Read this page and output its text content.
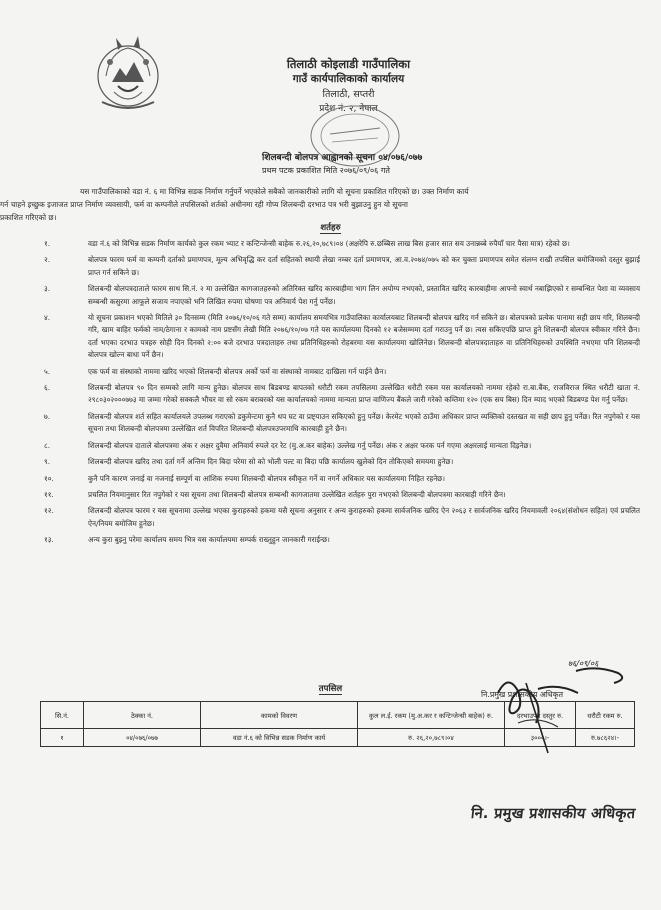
तिलाठी कोइलाडी गाउँपालिका
गाउँ कार्यपालिकाको कार्यालय
तिलाठी, सप्तरी
प्रदेश नं. २, नेपाल
शिलबन्दी बोलपत्र आह्वानको सूचना ०४/०७६/०७७
प्रथम पटक प्रकाशित मिति २०७६/०९/०६ गते
यस गाउँपालिकाको वडा नं. ६ मा विभिन्न सडक निर्माण गर्नुपर्ने भएकोले सबैको जानकारीको लागि यो सूचना प्रकाशित गरिएको छ। उक्त निर्माण कार्य
गर्न चाहने इच्छुक इजाजत प्राप्त निर्माण व्यवसायी, फर्म वा कम्पनीले तपसिलको शर्तको अधीनमा रही गोप्य शिलबन्दी दरभाउ पत्र भरी बुझाउनु हुन यो सूचना
प्रकाशित गरिएको छ।
शर्तहरु
१.	वडा नं.६ को विभिन्न सडक निर्माण कार्यको कुल रकम भ्याट र कन्टिन्जेन्सी बाहेक रु.२६,२०,७८९।०४ (अक्षरेपि रु.छब्बिस लाख बिस हजार सात सय उनान्नब्बे रुपैयाँ चार पैसा मात्र) रहेको छ।
२.	बोलपत्र फारम फर्म वा कम्पनी दर्ताको प्रमाणपत्र, मूल्य अभिवृद्धि कर दर्ता सहितको स्थायी लेखा नम्बर दर्ता प्रमाणपत्र, आ.व.२०७४/०७५ को कर चुक्ता प्रमाणपत्र समेत संलग्न राखी तपसिल बमोजिमको दस्तुर बुझाई प्राप्त गर्न सकिने छ।
३.	शिलबन्दी बोलपत्रदाताले फारम साथ सि.नं. २ मा उल्लेखित कागजातहरुको अतिरिक्त खरिद कारबाहीमा भाग लिन अयोग्य नभएको, प्रस्तावित खरिद कारबाहीमा आफ्नो स्वार्थ नबाझिएको र सम्बन्धित पेशा वा व्यवसाय सम्बन्धी कसुरमा आफूले सजाय नपाएको भनि लिखित रुपमा घोषणा पत्र अनिवार्य पेश गर्नु पर्नेछ।
४.	यो सूचना प्रकाशन भएको मितिले ३० दिनसम्म (मिति २०७६/१०/०६ गते सम्म) कार्यालय समयभित्र गाउँपालिका कार्यालयबाट शिलबन्दी बोलपत्र खरिद गर्न सकिने छ। बोलपत्रको प्रत्येक पानामा सही छाप गरि, शिलबन्दी गरि, खाम बाहिर फर्मको नाम/ठेगाना र कामको नाम प्रष्टसँग लेखी मिति २०७६/१०/०७ गते यस कार्यालयमा दिनको १२ बजेसम्ममा दर्ता गराउनु पर्ने छ। त्यस सकिएपछि प्राप्त हुने शिलबन्दी बोलपत्र स्वीकार गरिने छैन। दर्ता भएका दरभाउ पत्रहरु सोही दिन दिनको २:०० बजे दरभाउ पत्रदाताहरु तथा प्रतिनिधिहरुको रोहबरमा यस कार्यालयमा खोलिनेछ। शिलबन्दी बोलपत्रदाताहरु वा प्रतिनिधिहरुको उपस्थिति नभएमा पनि शिलबन्दी बोलपत्र खोल्न बाधा पर्ने छैन।
५.	एक फर्म वा संस्थाको नाममा खरिद भएको शिलबन्दी बोलपत्र अर्को फर्म वा संस्थाको नामबाट दाखिला गर्न पाईने छैन।
६.	शिलबन्दी बोलपत्र ९० दिन सम्मको लागि मान्य हुनेछ। बोलपत्र साथ बिडबण्ड बापतको धरौटी रकम तपसिलमा उल्लेखित धरौटी रकम यस कार्यालयको नाममा रहेको रा.बा.बैंक, राजविराज स्थित धरौटी खाता नं. २९८०३०२०००७७३ मा जम्मा गरेको सक्कलै भौचर वा सो रकम बराबरको यस कार्यालयको नाममा मान्यता प्राप्त वाणिज्य बैंकले जारी गरेको कम्तिमा १२० (एक सय बिस) दिन म्याद भएको बिडबण्ड पेश गर्नु पर्नेछ।
७.	शिलबन्दी बोलपत्र शर्त सहित कार्यालयले उपलब्ध गराएको डकुमेन्टमा कुनै थप घट वा प्रष्ट्याउन सकिएको हुनु पर्नेछ। केरमेट भएको ठाउँमा अधिकार प्राप्त व्यक्तिको दस्तखत वा सही छाप हुनु पर्नेछ। रित नपुगेको र यस सूचना तथा शिलबन्दी बोलपत्रमा उल्लेखित शर्त विपरित शिलबन्दी बोलपत्रउपरमाथि कारबाही हुने छैन।
८.	शिलबन्दी बोलपत्र दाताले बोलपत्रमा अंक र अक्षर दुवैमा अनिवार्य रुपले दर रेट (मु.अ.कर बाहेक) उल्लेख गर्नु पर्नेछ। अंक र अक्षर फरक पर्न गएमा अक्षरलाई मान्यता दिइनेछ।
९.	शिलबन्दी बोलपत्र खरिद तथा दर्ता गर्ने अन्तिम दिन बिदा परेमा सो को भोली पल्ट वा बिदा पछि कार्यालय खुलेको दिन तोकिएको समयमा हुनेछ।
१०.	कुनै पनि कारण जनाई वा नजनाई सम्पूर्ण वा आंशिक रुपमा शिलबन्दी बोलपत्र स्वीकृत गर्ने वा नगर्ने अधिकार यस कार्यालयमा निहित रहनेछ।
११.	प्रचलित नियमानुसार रित नपुगेको र यस सूचना तथा शिलबन्दी बोलपत्र सम्बन्धी कागजातमा उल्लेखित शर्तहरु पुरा नभएको शिलबन्दी बोलपत्रमा कारबाही गरिने छैन।
१२.	शिलबन्दी बोलपत्र फारम र यस सूचनामा उल्लेख भएका कुराहरुको हकमा यसै सूचना अनुसार र अन्य कुराहरुको हकमा सार्वजनिक खरिद ऐन २०६३ र सार्वजनिक खरिद नियमावली २०६४(संशोधन सहित) एवं प्रचलित ऐन/नियम बमोजिम हुनेछ।
१३.	अन्य कुरा बुझ्नु परेमा कार्यालय समय भित्र यस कार्यालयमा सम्पर्क राख्नुहुन जानकारी गराईन्छ।
तपसिल
सि.नं.	ठेक्का नं.	कामको विवरण	कुल ल.ई. रकम (मु.अ.कर र कन्टिन्जेन्सी बाहेक) रु.	दरभाउपत्र दस्तुर रु.	धरौटी रकम रु.
१	०४/०७६/०७७	वडा नं.६ को विभिन्न सडक निर्माण कार्य	रु. २६,२०,७८९।०४	३०००।-	रु.७८६२४।-
७६/०९/०६
नि.प्रमुख प्रशासकीय अधिकृत
नि. प्रमुख प्रशासकीय अधिकृत
